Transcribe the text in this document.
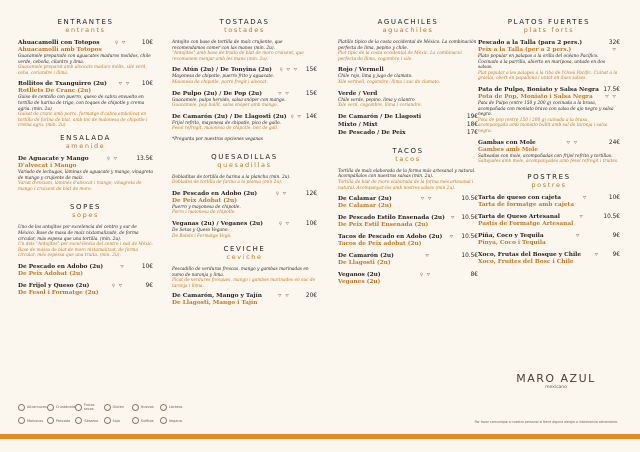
ENTRANTES
entrants
Ahuacamolli con Totopos	♀ ⛛	10€
Ahuacamolli amb Totopos
Guacamole preparado con aguacates maduros molidos, chile verde, cebolla, cilantro y lima.
Guacamole preparat amb alvocats madurs mòlts, xile verd, ceba, coriandre i llima.
Rollitos de Txanguirro (2u)	⛛ ⛛ 10€
Rotllets De Cranc (2u)
Guiso de centollo con puerro, queso de cabra envuelto en tortilla de harina de trigo, con toques de chipotle y crema agria. (min. 2u)
Guisat de cranc amb porro, formatge d'cabra embolicat en tortilla de farina de blat, amb toc de maionesa de chipotle i crema agra. (min. 2u)
ENSALADA
amenide
De Aguacate y Mango	♀ ⛛	13.5€
D'alvocat i Mango
Variado de lechugas, láminas de aguacate y mango, vinagreta de mango y crujiente de maíz.
Variat d'enciam, làmines d'alvocat i mango, vinagreta de mango i cruixent de blat de moro.
SOPES
sopes
Uno de los antojitos por excelencia del centro y sur de México. Base de masa de maíz nixtamalizado, de forma circular, más espesa que una tortilla. (min. 2u).
Un dels "Antojitos" per excel·lència del centre i sud de Mèxic. Base de massa de blat de moro nixtamalitzat, de forma circular, més espessa que una truita. (min. 2u).
De Pescado en Adobo (2u)	⛛	10€
De Peix Adobat (2u)
De Frijol y Queso (2u)	♀ ⛛	9€
De Fesol i Formatge (2u)
TOSTADAS
tostades
Antojito con base de tortilla de maíz crujiente, que recomendamos comer con las manos (min. 2u).
"Antojitos" amb base de truita de blat de moro cruixent, que recomanem menjar amb les mans (min. 2u).
De Atún (2u) / De Tonyina (2u) ♀ ⛛ ⛛ 15€
Mayonesa de chipotle, puerro frito y aguacate.
Maionesa de chipotle, porro fregit i alvocat.
De Pulpo (2u) / De Pop (2u)	⛛ ⛛	15€
Guacamole, pulpo hervido, salsa snóper con mango.
Guacamole, pop bullit, salsa snòper amb mango.
De Camarón (2u) / De Llagosti (2u) ♀ ⛛ 14€
Frijol refrito, mayonesa de chipotle, pico de gallo.
Fesol refregit, maionesa de chipotle, bec de gall.
*Pregunta por nuestras opciones veganas
QUESADILLAS
quesadillas
Dobladitas de tortilla de harina a la plancha (min. 2u).
Doblades de tortilla de farina a la planxa (min 2u).
De Pescado en Adobo (2u)	♀ ⛛	12€
De Peix Adobat (2u)
Puerro y mayonesa de chipotle.
Porro i maionesa de chipotle.
Veganas (2u) / Veganes (2u)	♀ ⛛	10€
De Setas y Queso Vegano.
De Bolets i Formatge Vegà.
CEVICHE
ceviche
Pescadillo de verduras frescas, mango y gambas marinadas en zumo de naranja y lima.
Picat de verdures fresques, mango i gambes marinades en suc de taronja i llima.
De Camarón, Mango y Tajín	⛛ ⛛	20€
De Llagosti, Mango i Tajín
AGUACHILES
aguachiles
Platillo típico de la costa occidental de México. La combinación perfecta de lima, pepino y chile.
Plat típic de la costa occidental de Mèxic. La combinació perfecta de llima, cogombre i xile.
Rojo / Vermell
Chile rojo, lima y jugo de clamato.
Xile vermell, cogombre, llima i suc de clamato.
Verde / Verd
Chile verde, pepino, lima y cilantro
Xile verd, cogombre, llima i coriandre.
De Camarón / De Llagosti	19€
Mixto / Mixt	18€
De Pescado / De Peix	17€
TACOS
tacos
Tortilla de maíz elaborada de la forma más artesanal y natural. Acompáñalos con nuestras salsas (min. 2u).
Tortilla de blat de moro elaborada de la forma més artesanal i natural. Acompanyar-los amb nostres salses (min 2u).
De Calamar (2u)	⛛ ⛛	10.5€
De Calamar (2u)
De Pescado Estilo Ensenada (2u) ⛛ 10.5€
De Peix Estil Ensenada (2u)
Tacos de Pescado en Adobo (2u) ⛛ 10.5€
Tacos de Peix adobat (2u)
De Camarón (2u)	⛛	10.5€
De Llagosti (2u)
Veganos (2u)	♀ ⛛	8€
Veganes (2u)
PLATOS FUERTES
plats forts
Pescado a la Talla (para 2 pers.)	32€
Peix a la Talla (per a 2 pers.)	⛛
Plato popular en palapas a la orilla del océano Pacífico. Cocinado a la parrilla, abierto en mariposa, untado en dos salsas.
Plat popular a les palapes a la riba de l'Oceà Pacífic. Cuinat a la graella, obert en papallona i untat en dues salses.
Pata de Pulpo, Boniato y Salsa Negra 17.5€
Pota de Pop, Moniato i Salsa Negra	⛛ ⛛
Pata de Pulpo (entre 150 y 200 g) cocinada a la brasa, acompañada con moniato bravo con salsa de ajo negro y salsa negra.
Pota de pop (entre 150 i 200 g) cuinada a la brasa, acompanyada amb moniato bullit amb sal de taronja i salsa negra.
Gambas con Mole	⛛ ⛛	24€
Gambes amb Mole
Salteadas con mole, acompañadas con frijol refrito y tortillas.
Saltejades amb mole, acompanyades amb fesol refregit i truites.
POSTRES
postres
Tarta de queso con cajeta	⛛	10€
Tarta de formatge amb cajeta
Tarta de Queso Artesanal	⛛	10.5€
Pastís de Formatge Artesanal
Piña, Coco y Tequila	⛛	9€
Pinya, Coco i Tequila
Xoco, Frutas del Bosque y Chile	⛛ 9€
Xoco, Fruites del Bosc i Chile
MARO AZUL
mexicano
Altramuces	Crustáceos Frutos secos	Gluten	Huevos	Lácteos
Moluscos	Pescado	Sésamo	Soja	Sulfitos	Vegano	Por favor comunique a nuestro personal si tiene alguna alergia o intolerancia alimentaria.
